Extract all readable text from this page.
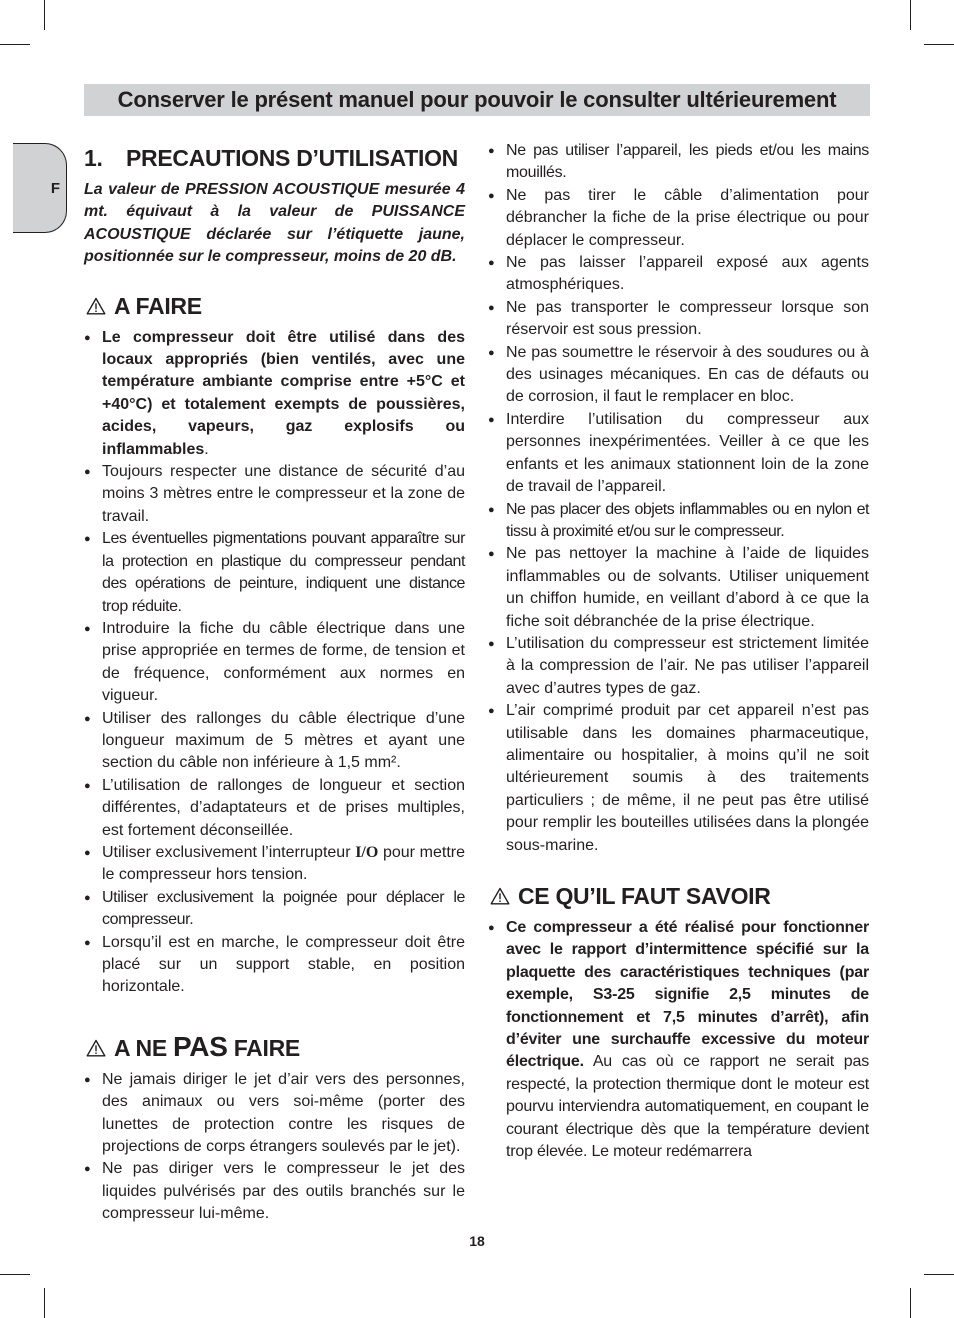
Conserver le présent manuel pour pouvoir le consulter ultérieurement
F
1. PRECAUTIONS D’UTILISATION

La valeur de PRESSION ACOUSTIQUE mesurée 4 mt. équivaut à la valeur de PUISSANCE ACOUSTIQUE déclarée sur l’étiquette jaune, positionnée sur le compresseur, moins de 20 dB.

A FAIRE
● Le compresseur doit être utilisé dans des locaux appropriés (bien ventilés, avec une température ambiante comprise entre +5°C et +40°C) et totalement exempts de poussières, acides, vapeurs, gaz explosifs ou inflammables.
● Toujours respecter une distance de sécurité d’au moins 3 mètres entre le compresseur et la zone de travail.
● Les éventuelles pigmentations pouvant apparaître sur la protection en plastique du compresseur pendant des opérations de peinture, indiquent une distance trop réduite.
● Introduire la fiche du câble électrique dans une prise appropriée en termes de forme, de tension et de fréquence, conformément aux normes en vigueur.
● Utiliser des rallonges du câble électrique d’une longueur maximum de 5 mètres et ayant une section du câble non inférieure à 1,5 mm².
● L’utilisation de rallonges de longueur et section différentes, d’adaptateurs et de prises multiples, est fortement déconseillée.
● Utiliser exclusivement l’interrupteur I/O pour mettre le compresseur hors tension.
● Utiliser exclusivement la poignée pour déplacer le compresseur.
● Lorsqu’il est en marche, le compresseur doit être placé sur un support stable, en position horizontale.
A NE PAS FAIRE
● Ne jamais diriger le jet d’air vers des personnes, des animaux ou vers soi-même (porter des lunettes de protection contre les risques de projections de corps étrangers soulevés par le jet).
● Ne pas diriger vers le compresseur le jet des liquides pulvérisés par des outils branchés sur le compresseur lui-même.
● Ne pas utiliser l’appareil, les pieds et/ou les mains mouillés.
● Ne pas tirer le câble d’alimentation pour débrancher la fiche de la prise électrique ou pour déplacer le compresseur.
● Ne pas laisser l’appareil exposé aux agents atmosphériques.
● Ne pas transporter le compresseur lorsque son réservoir est sous pression.
● Ne pas soumettre le réservoir à des soudures ou à des usinages mécaniques. En cas de défauts ou de corrosion, il faut le remplacer en bloc.
● Interdire l’utilisation du compresseur aux personnes inexpérimentées. Veiller à ce que les enfants et les animaux stationnent loin de la zone de travail de l’appareil.
● Ne pas placer des objets inflammables ou en nylon et tissu à proximité et/ou sur le compresseur.
● Ne pas nettoyer la machine à l’aide de liquides inflammables ou de solvants. Utiliser uniquement un chiffon humide, en veillant d’abord à ce que la fiche soit débranchée de la prise électrique.
● L’utilisation du compresseur est strictement limitée à la compression de l’air. Ne pas utiliser l’appareil avec d’autres types de gaz.
● L’air comprimé produit par cet appareil n’est pas utilisable dans les domaines pharmaceutique, alimentaire ou hospitalier, à moins qu’il ne soit ultérieurement soumis à des traitements particuliers ; de même, il ne peut pas être utilisé pour remplir les bouteilles utilisées dans la plongée sous-marine.
CE QU’IL FAUT SAVOIR
● Ce compresseur a été réalisé pour fonctionner avec le rapport d’intermittence spécifié sur la plaquette des caractéristiques techniques (par exemple, S3-25 signifie 2,5 minutes de fonctionnement et 7,5 minutes d’arrêt), afin d’éviter une surchauffe excessive du moteur électrique. Au cas où ce rapport ne serait pas respecté, la protection thermique dont le moteur est pourvu interviendra automatiquement, en coupant le courant électrique dès que la température devient trop élevée. Le moteur redémarrera
18
